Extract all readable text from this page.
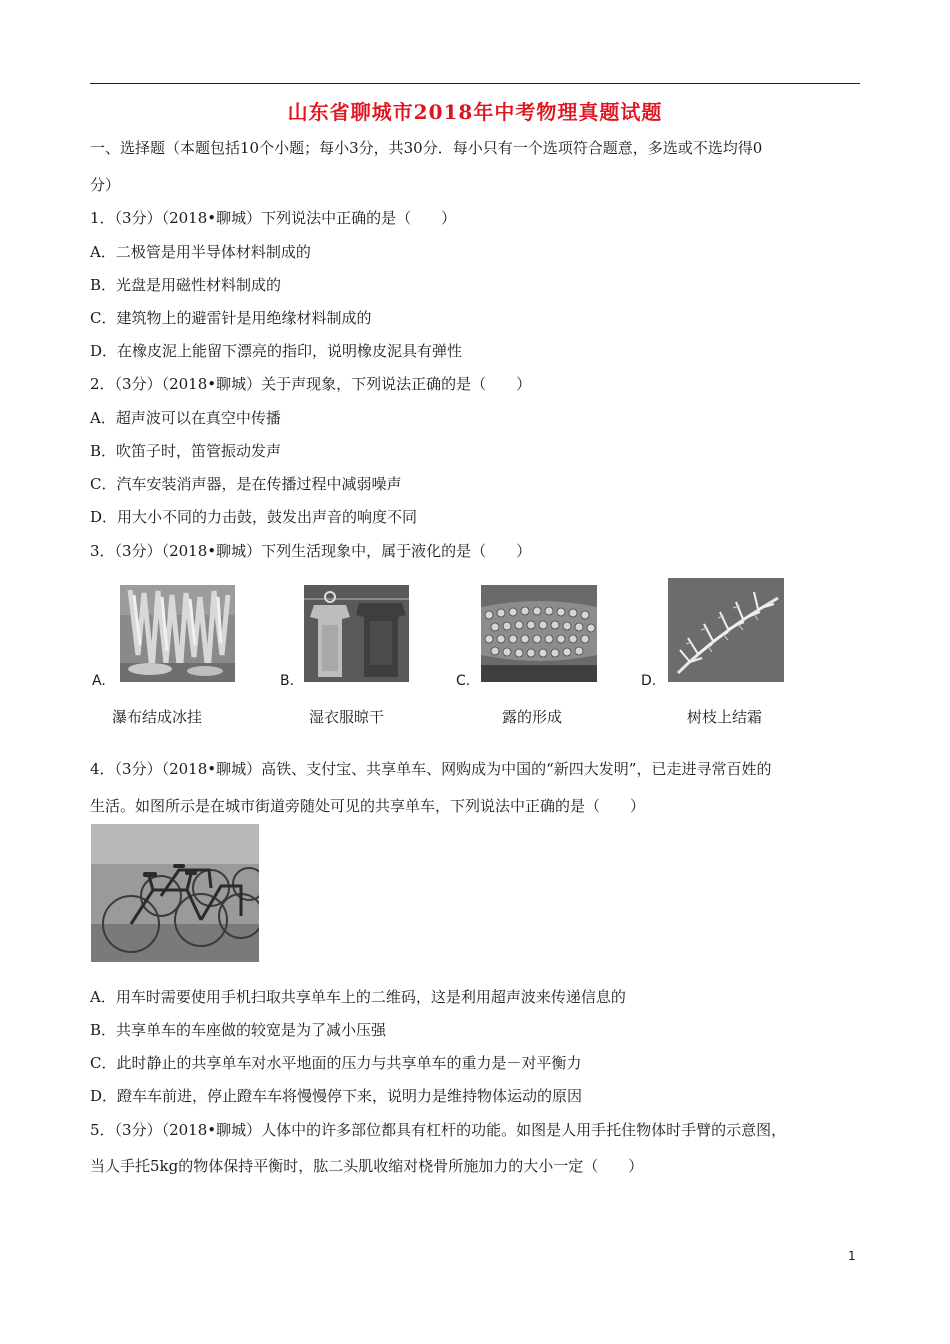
山东省聊城市2018年中考物理真题试题
一、选择题（本题包括10个小题；每小3分，共30分．每小只有一个选项符合题意，多选或不选均得0
分）
1．（3分）（2018•聊城）下列说法中正确的是（　　）
A．二极管是用半导体材料制成的
B．光盘是用磁性材料制成的
C．建筑物上的避雷针是用绝缘材料制成的
D．在橡皮泥上能留下漂亮的指印，说明橡皮泥具有弹性
2．（3分）（2018•聊城）关于声现象，下列说法正确的是（　　）
A．超声波可以在真空中传播
B．吹笛子时，笛管振动发声
C．汽车安装消声器，是在传播过程中减弱噪声
D．用大小不同的力击鼓，鼓发出声音的响度不同
3．（3分）（2018•聊城）下列生活现象中，属于液化的是（　　）
A.
瀑布结成冰挂
B.
湿衣服晾干
C.
露的形成
D.
树枝上结霜
4．（3分）（2018•聊城）高铁、支付宝、共享单车、网购成为中国的“新四大发明”，已走进寻常百姓的
生活。如图所示是在城市街道旁随处可见的共享单车，下列说法中正确的是（　　）
A．用车时需要使用手机扫取共享单车上的二维码，这是利用超声波来传递信息的
B．共享单车的车座做的较宽是为了减小压强
C．此时静止的共享单车对水平地面的压力与共享单车的重力是－对平衡力
D．蹬车车前进，停止蹬车车将慢慢停下来，说明力是维持物体运动的原因
5．（3分）（2018•聊城）人体中的许多部位都具有杠杆的功能。如图是人用手托住物体时手臂的示意图，
当人手托5kg的物体保持平衡时，肱二头肌收缩对桡骨所施加力的大小一定（　　）
1
